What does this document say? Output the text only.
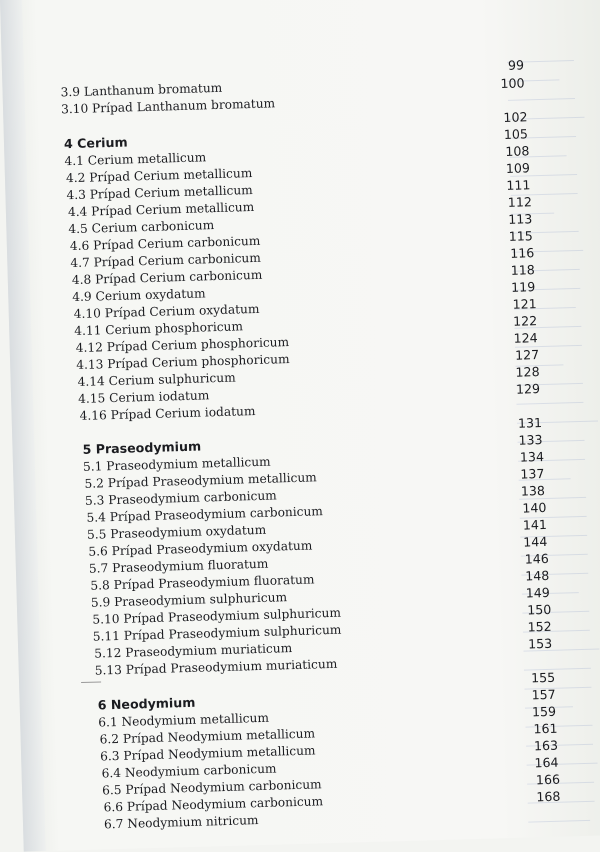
3.9 Lanthanum bromatum
3.10 Prípad Lanthanum bromatum
4 Cerium
4.1 Cerium metallicum
4.2 Prípad Cerium metallicum
4.3 Prípad Cerium metallicum
4.4 Prípad Cerium metallicum
4.5 Cerium carbonicum
4.6 Prípad Cerium carbonicum
4.7 Prípad Cerium carbonicum
4.8 Prípad Cerium carbonicum
4.9 Cerium oxydatum
4.10 Prípad Cerium oxydatum
4.11 Cerium phosphoricum
4.12 Prípad Cerium phosphoricum
4.13 Prípad Cerium phosphoricum
4.14 Cerium sulphuricum
4.15 Cerium iodatum
4.16 Prípad Cerium iodatum
5 Praseodymium
5.1 Praseodymium metallicum
5.2 Prípad Praseodymium metallicum
5.3 Praseodymium carbonicum
5.4 Prípad Praseodymium carbonicum
5.5 Praseodymium oxydatum
5.6 Prípad Praseodymium oxydatum
5.7 Praseodymium fluoratum
5.8 Prípad Praseodymium fluoratum
5.9 Praseodymium sulphuricum
5.10 Prípad Praseodymium sulphuricum
5.11 Prípad Praseodymium sulphuricum
5.12 Praseodymium muriaticum
5.13 Prípad Praseodymium muriaticum
6 Neodymium
6.1 Neodymium metallicum
6.2 Prípad Neodymium metallicum
6.3 Prípad Neodymium metallicum
6.4 Neodymium carbonicum
6.5 Prípad Neodymium carbonicum
6.6 Prípad Neodymium carbonicum
6.7 Neodymium nitricum
99
100
102
105
108
109
111
112
113
115
116
118
119
121
122
124
127
128
129
131
133
134
137
138
140
141
144
146
148
149
150
152
153
155
157
159
161
163
164
166
168
